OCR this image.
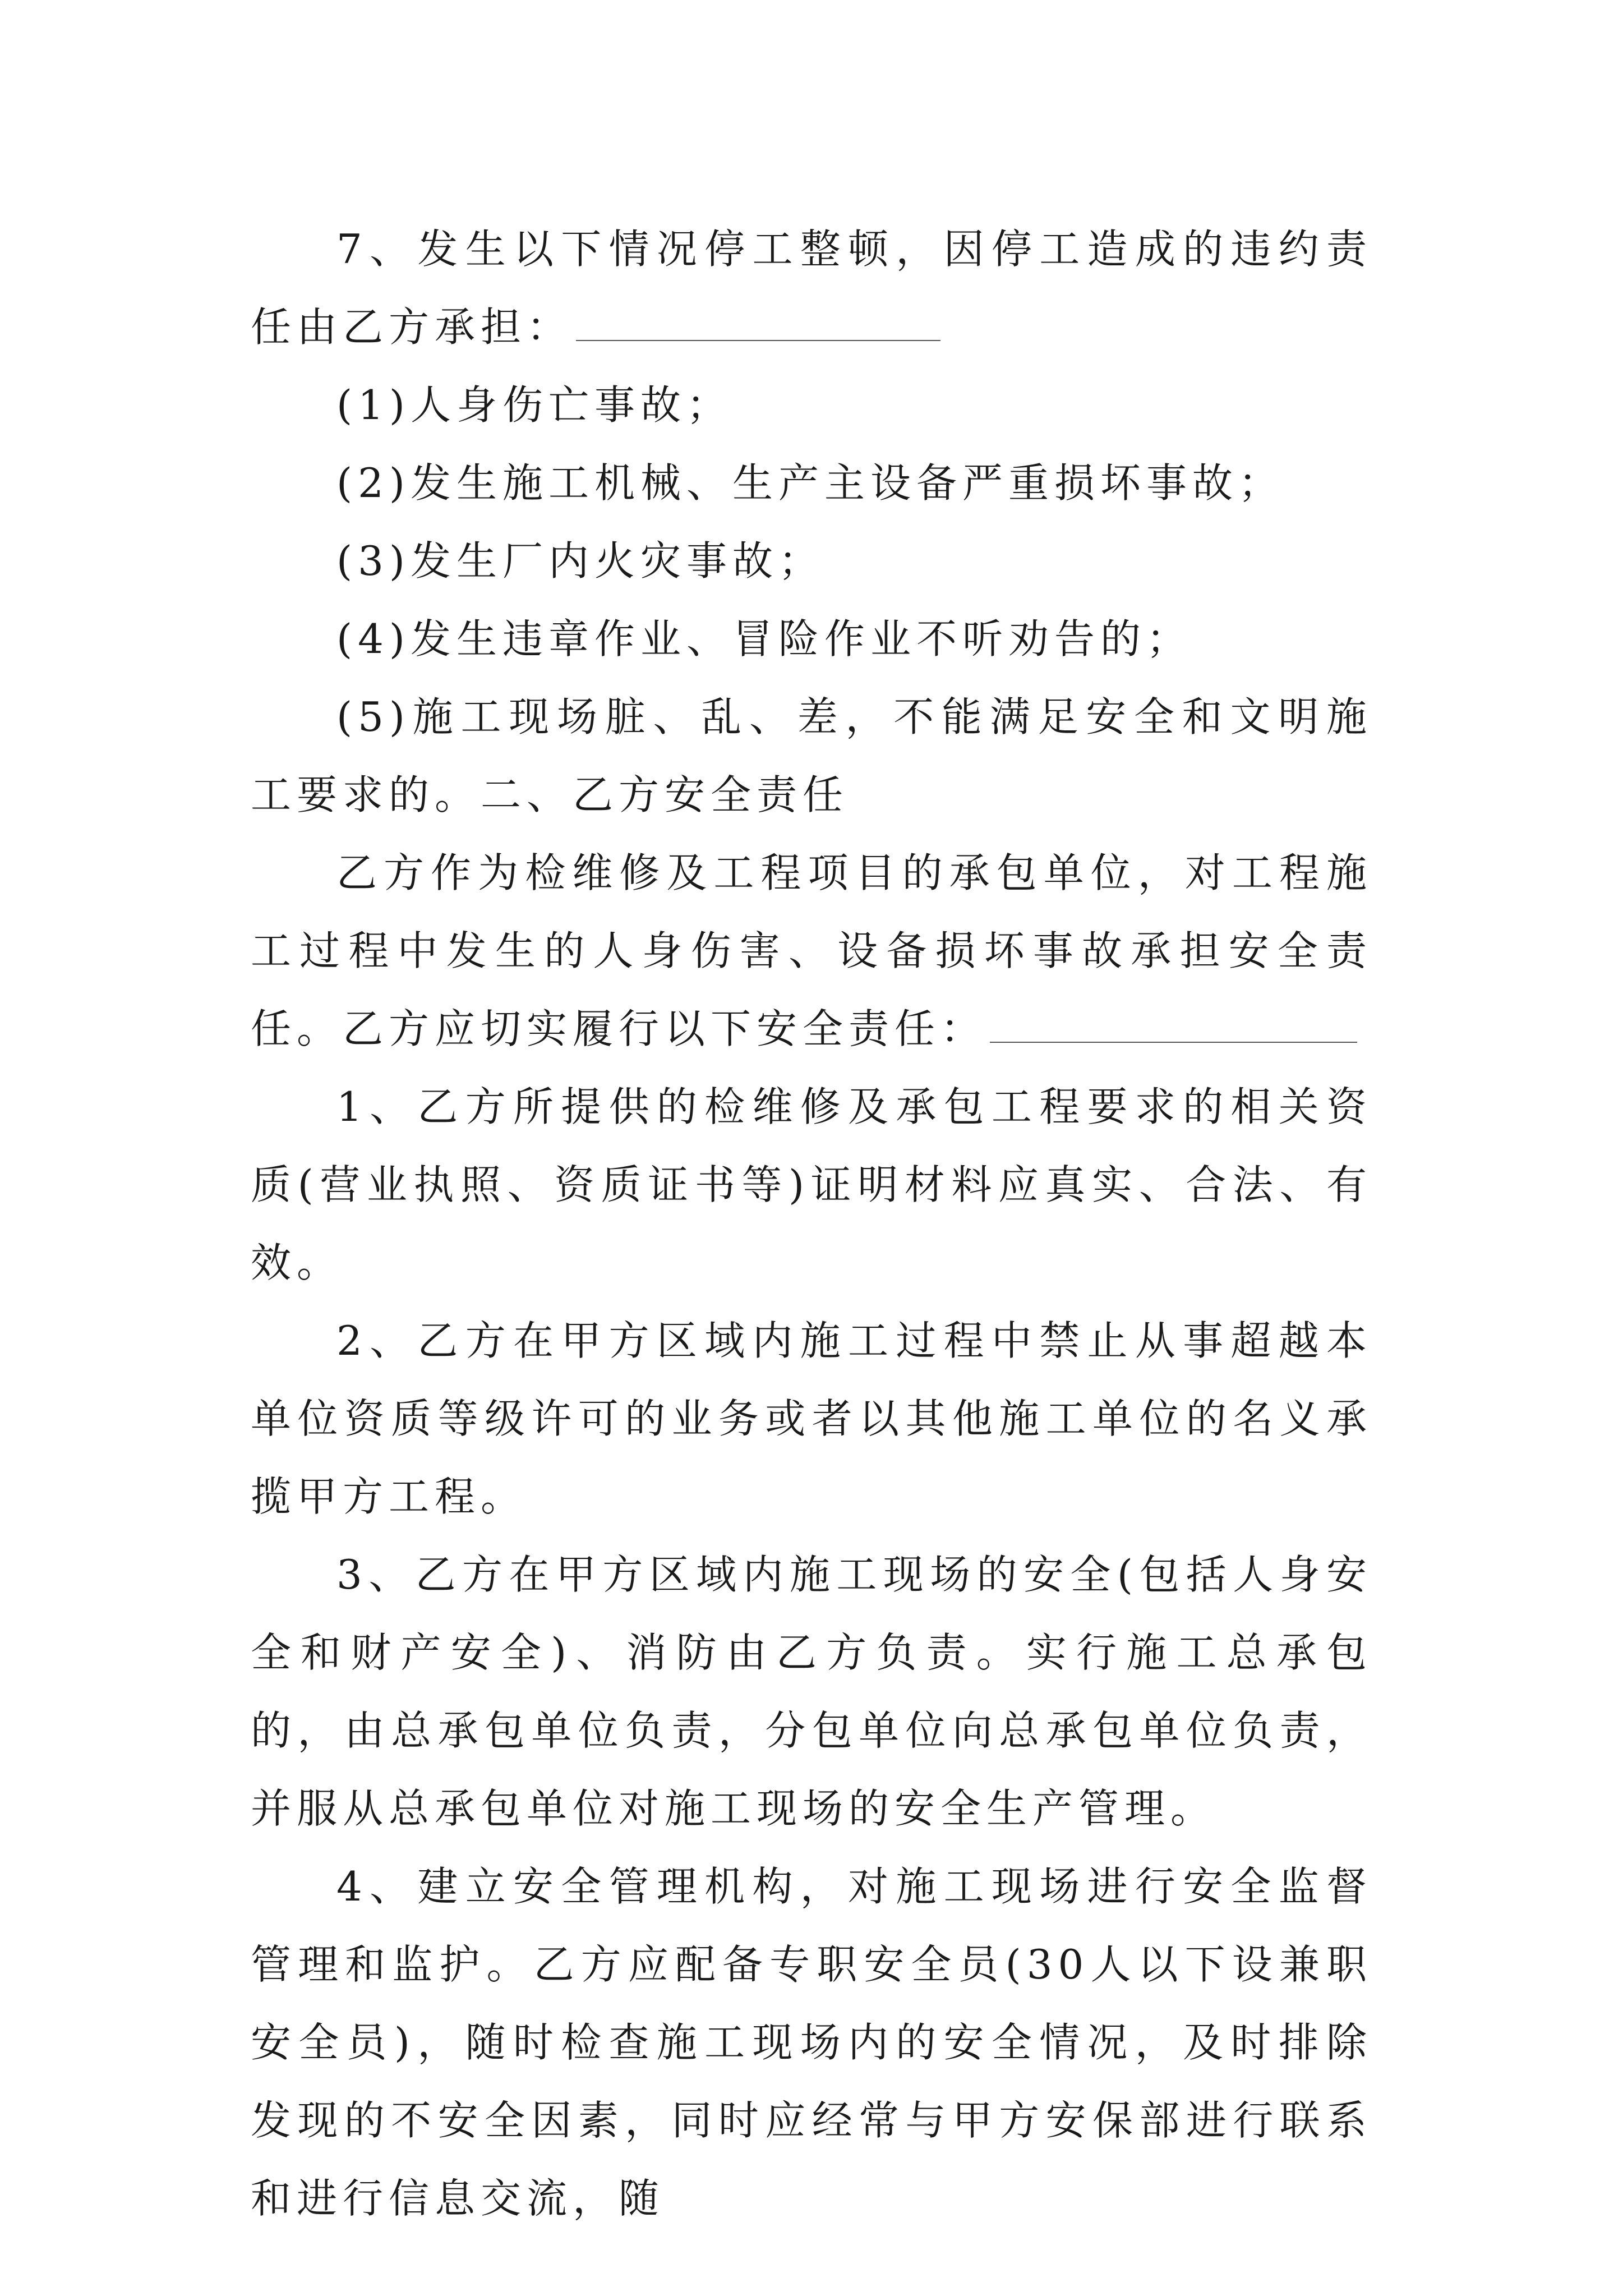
7、发生以下情况停工整顿，因停工造成的违约责任由乙方承担：

(1)人身伤亡事故；

(2)发生施工机械、生产主设备严重损坏事故；

(3)发生厂内火灾事故；

(4)发生违章作业、冒险作业不听劝告的；

(5)施工现场脏、乱、差，不能满足安全和文明施工要求的。二、乙方安全责任

乙方作为检维修及工程项目的承包单位，对工程施工过程中发生的人身伤害、设备损坏事故承担安全责任。乙方应切实履行以下安全责任：

1、乙方所提供的检维修及承包工程要求的相关资质(营业执照、资质证书等)证明材料应真实、合法、有效。

2、乙方在甲方区域内施工过程中禁止从事超越本单位资质等级许可的业务或者以其他施工单位的名义承揽甲方工程。

3、乙方在甲方区域内施工现场的安全(包括人身安全和财产安全)、消防由乙方负责。实行施工总承包的，由总承包单位负责，分包单位向总承包单位负责，并服从总承包单位对施工现场的安全生产管理。

4、建立安全管理机构，对施工现场进行安全监督管理和监护。乙方应配备专职安全员(30人以下设兼职安全员)，随时检查施工现场内的安全情况，及时排除发现的不安全因素，同时应经常与甲方安保部进行联系和进行信息交流，随
